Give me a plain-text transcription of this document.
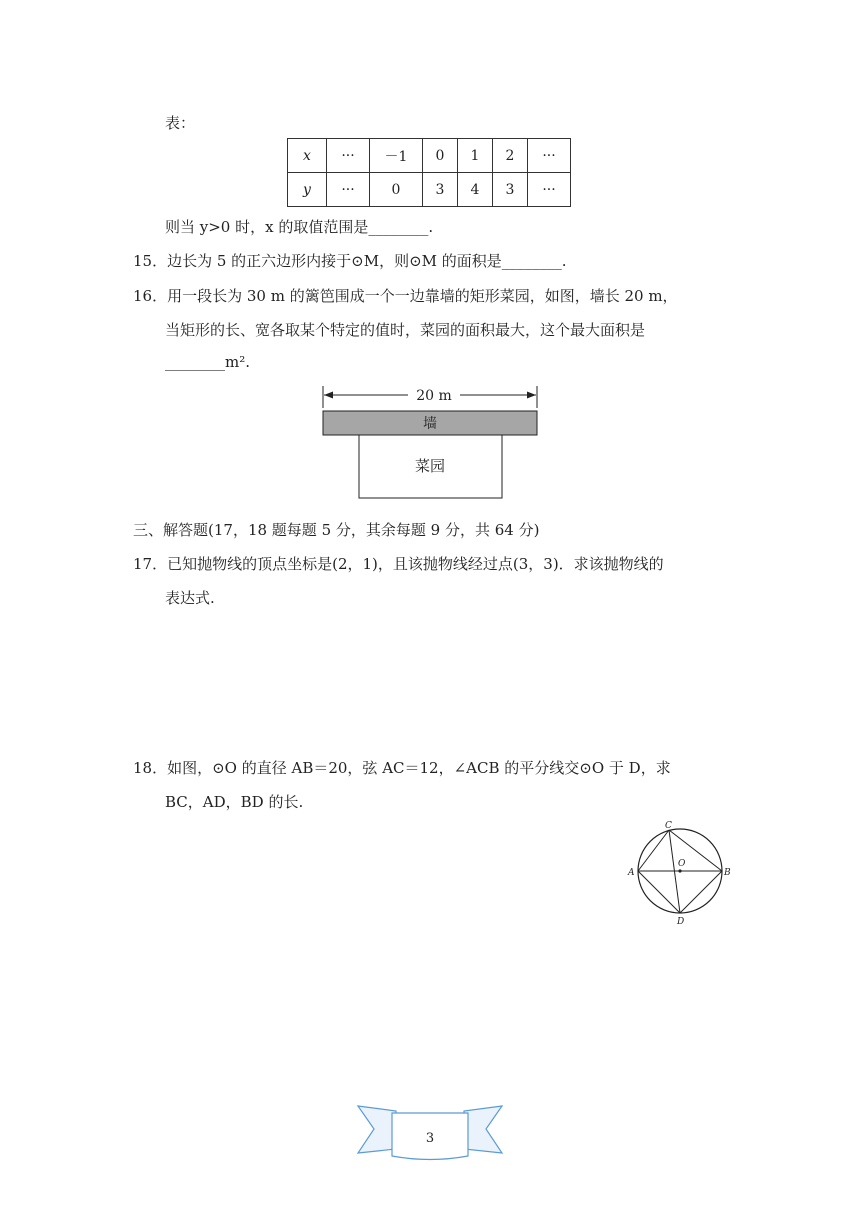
表：
x	···	－1	0	1	2	···
y	···	0	3	4	3	···
则当 y>0 时，x 的取值范围是________.
15．边长为 5 的正六边形内接于⊙M，则⊙M 的面积是________.
16．用一段长为 30 m 的篱笆围成一个一边靠墙的矩形菜园，如图，墙长 20 m，
当矩形的长、宽各取某个特定的值时，菜园的面积最大，这个最大面积是
________m².
20 m
墙
菜园
三、解答题(17，18 题每题 5 分，其余每题 9 分，共 64 分)
17．已知抛物线的顶点坐标是(2，1)，且该抛物线经过点(3，3)．求该抛物线的
表达式.
18．如图，⊙O 的直径 AB＝20，弦 AC＝12，∠ACB 的平分线交⊙O 于 D，求
BC，AD，BD 的长.
C
O
A	B
D
3
